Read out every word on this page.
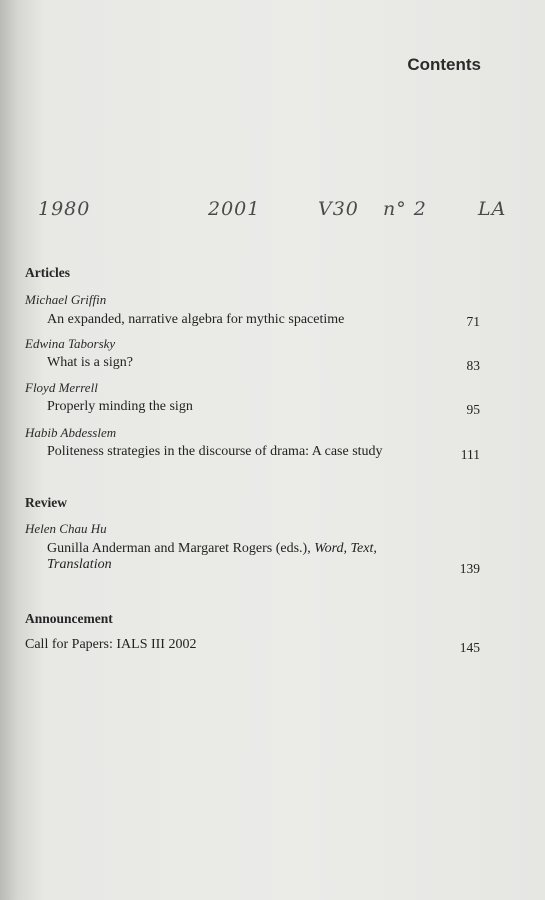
Contents
1980	2001	V30 n° 2	LA
Articles
Michael Griffin
An expanded, narrative algebra for mythic spacetime	71
Edwina Taborsky
What is a sign?	83
Floyd Merrell
Properly minding the sign	95
Habib Abdesslem
Politeness strategies in the discourse of drama: A case study	111
Review
Helen Chau Hu
Gunilla Anderman and Margaret Rogers (eds.), Word, Text,
Translation	139
Announcement
Call for Papers: IALS III 2002	145
